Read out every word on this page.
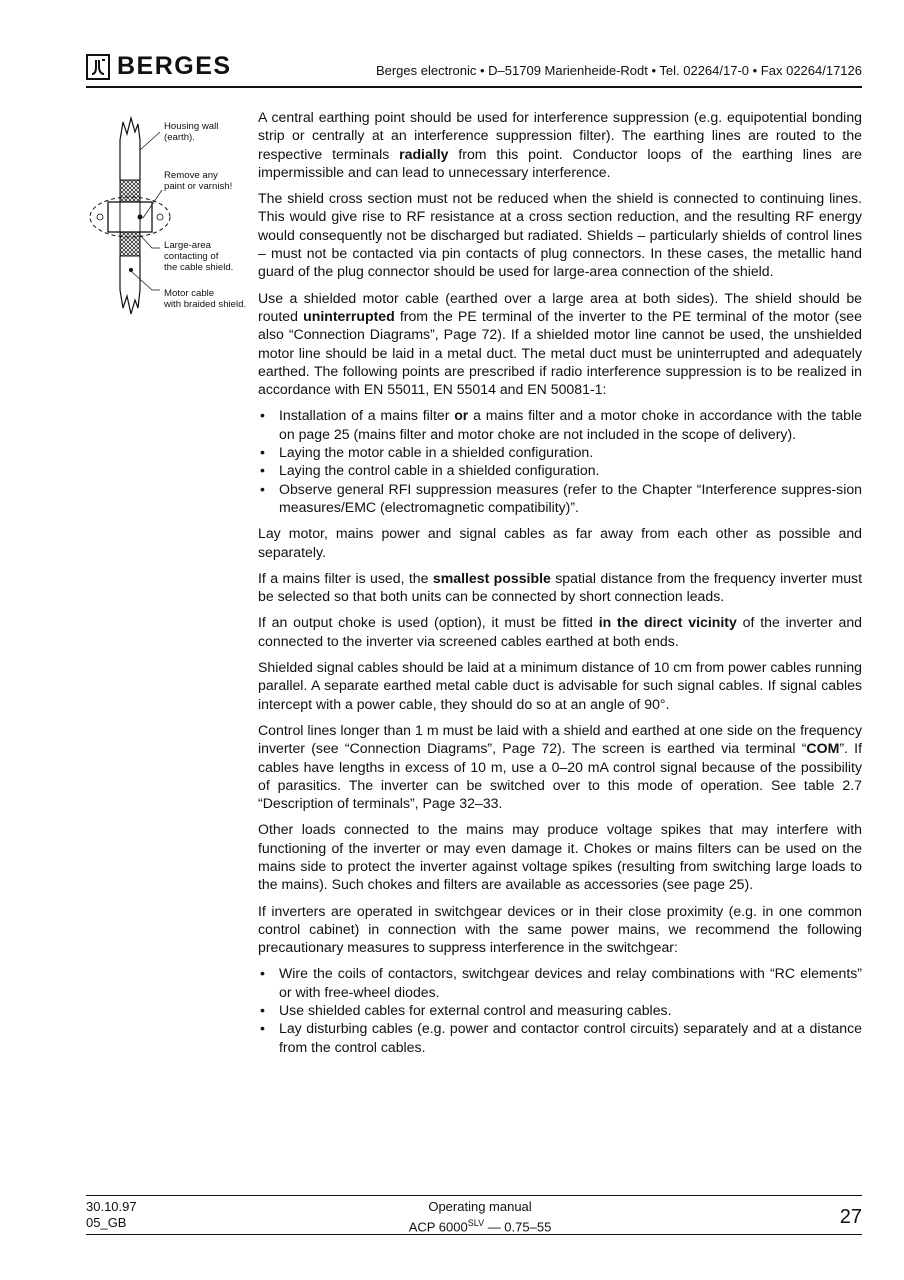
BERGES	Berges electronic • D–51709 Marienheide-Rodt • Tel. 02264/17-0 • Fax 02264/17126
Housing wall
(earth).
Remove any
paint or varnish!
Large-area
contacting of
the cable shield.
Motor cable
with braided shield.

A central earthing point should be used for interference suppression (e.g. equipotential bonding strip or centrally at an interference suppression filter). The earthing lines are routed to the respective terminals radially from this point. Conductor loops of the earthing lines are impermissible and can lead to unnecessary interference.

The shield cross section must not be reduced when the shield is connected to continuing lines. This would give rise to RF resistance at a cross section reduction, and the resulting RF energy would consequently not be discharged but radiated. Shields – particularly shields of control lines – must not be contacted via pin contacts of plug connectors. In these cases, the metallic hand guard of the plug connector should be used for large-area connection of the shield.

Use a shielded motor cable (earthed over a large area at both sides). The shield should be routed uninterrupted from the PE terminal of the inverter to the PE terminal of the motor (see also “Connection Diagrams”, Page 72). If a shielded motor line cannot be used, the unshielded motor line should be laid in a metal duct. The metal duct must be uninterrupted and adequately earthed. The following points are prescribed if radio interference suppression is to be realized in accordance with EN 55011, EN 55014 and EN 50081-1:

• Installation of a mains filter or a mains filter and a motor choke in accordance with the table on page 25 (mains filter and motor choke are not included in the scope of delivery).
• Laying the motor cable in a shielded configuration.
• Laying the control cable in a shielded configuration.
• Observe general RFI suppression measures (refer to the Chapter “Interference suppres-sion measures/EMC (electromagnetic compatibility)”.

Lay motor, mains power and signal cables as far away from each other as possible and separately.

If a mains filter is used, the smallest possible spatial distance from the frequency inverter must be selected so that both units can be connected by short connection leads.

If an output choke is used (option), it must be fitted in the direct vicinity of the inverter and connected to the inverter via screened cables earthed at both ends.

Shielded signal cables should be laid at a minimum distance of 10 cm from power cables running parallel. A separate earthed metal cable duct is advisable for such signal cables. If signal cables intercept with a power cable, they should do so at an angle of 90°.

Control lines longer than 1 m must be laid with a shield and earthed at one side on the frequency inverter (see “Connection Diagrams”, Page 72). The screen is earthed via terminal “COM”. If cables have lengths in excess of 10 m, use a 0–20 mA control signal because of the possibility of parasitics. The inverter can be switched over to this mode of operation. See table 2.7 “Description of terminals”, Page 32–33.

Other loads connected to the mains may produce voltage spikes that may interfere with functioning of the inverter or may even damage it. Chokes or mains filters can be used on the mains side to protect the inverter against voltage spikes (resulting from switching large loads to the mains). Such chokes and filters are available as accessories (see page 25).

If inverters are operated in switchgear devices or in their close proximity (e.g. in one common control cabinet) in connection with the same power mains, we recommend the following precautionary measures to suppress interference in the switchgear:

• Wire the coils of contactors, switchgear devices and relay combinations with “RC elements” or with free-wheel diodes.
• Use shielded cables for external control and measuring cables.
• Lay disturbing cables (e.g. power and contactor control circuits) separately and at a distance from the control cables.
30.10.97
05_GB
Operating manual
ACP $6000^{SLV}$ — 0.75–55	27
